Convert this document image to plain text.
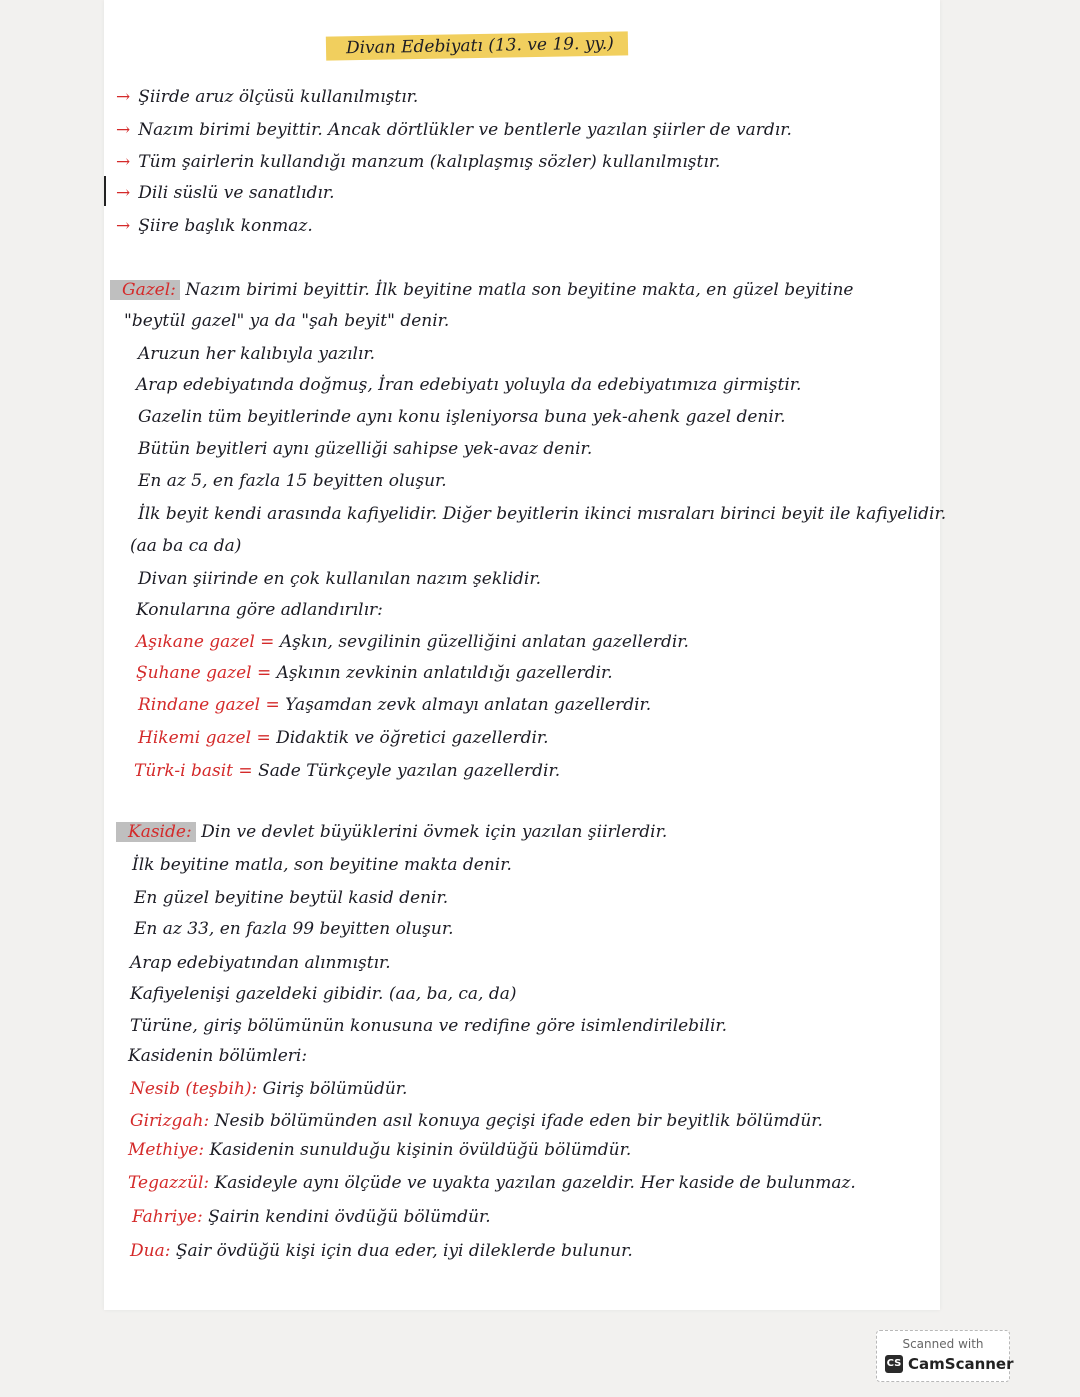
Divan Edebiyatı (13. ve 19. yy.)
→ Şiirde aruz ölçüsü kullanılmıştır.
→ Nazım birimi beyittir. Ancak dörtlükler ve bentlerle yazılan şiirler de vardır.
→ Tüm şairlerin kullandığı manzum (kalıplaşmış sözler) kullanılmıştır.
→ Dili süslü ve sanatlıdır.
→ Şiire başlık konmaz.
Gazel: Nazım birimi beyittir. İlk beyitine matla son beyitine makta, en güzel beyitine
"beytül gazel" ya da "şah beyit" denir.
Aruzun her kalıbıyla yazılır.
Arap edebiyatında doğmuş, İran edebiyatı yoluyla da edebiyatımıza girmiştir.
Gazelin tüm beyitlerinde aynı konu işleniyorsa buna yek-ahenk gazel denir.
Bütün beyitleri aynı güzelliği sahipse yek-avaz denir.
En az 5, en fazla 15 beyitten oluşur.
İlk beyit kendi arasında kafiyelidir. Diğer beyitlerin ikinci mısraları birinci beyit ile kafiyelidir.
(aa ba ca da)
Divan şiirinde en çok kullanılan nazım şeklidir.
Konularına göre adlandırılır:
Aşıkane gazel = Aşkın, sevgilinin güzelliğini anlatan gazellerdir.
Şuhane gazel = Aşkının zevkinin anlatıldığı gazellerdir.
Rindane gazel = Yaşamdan zevk almayı anlatan gazellerdir.
Hikemi gazel = Didaktik ve öğretici gazellerdir.
Türk-i basit = Sade Türkçeyle yazılan gazellerdir.
Kaside: Din ve devlet büyüklerini övmek için yazılan şiirlerdir.
İlk beyitine matla, son beyitine makta denir.
En güzel beyitine beytül kasid denir.
En az 33, en fazla 99 beyitten oluşur.
Arap edebiyatından alınmıştır.
Kafiyelenişi gazeldeki gibidir. (aa, ba, ca, da)
Türüne, giriş bölümünün konusuna ve redifine göre isimlendirilebilir.
Kasidenin bölümleri:
Nesib (teşbih): Giriş bölümüdür.
Girizgah: Nesib bölümünden asıl konuya geçişi ifade eden bir beyitlik bölümdür.
Methiye: Kasidenin sunulduğu kişinin övüldüğü bölümdür.
Tegazzül: Kasideyle aynı ölçüde ve uyakta yazılan gazeldir. Her kaside de bulunmaz.
Fahriye: Şairin kendini övdüğü bölümdür.
Dua: Şair övdüğü kişi için dua eder, iyi dileklerde bulunur.
Scanned with
CS CamScanner
